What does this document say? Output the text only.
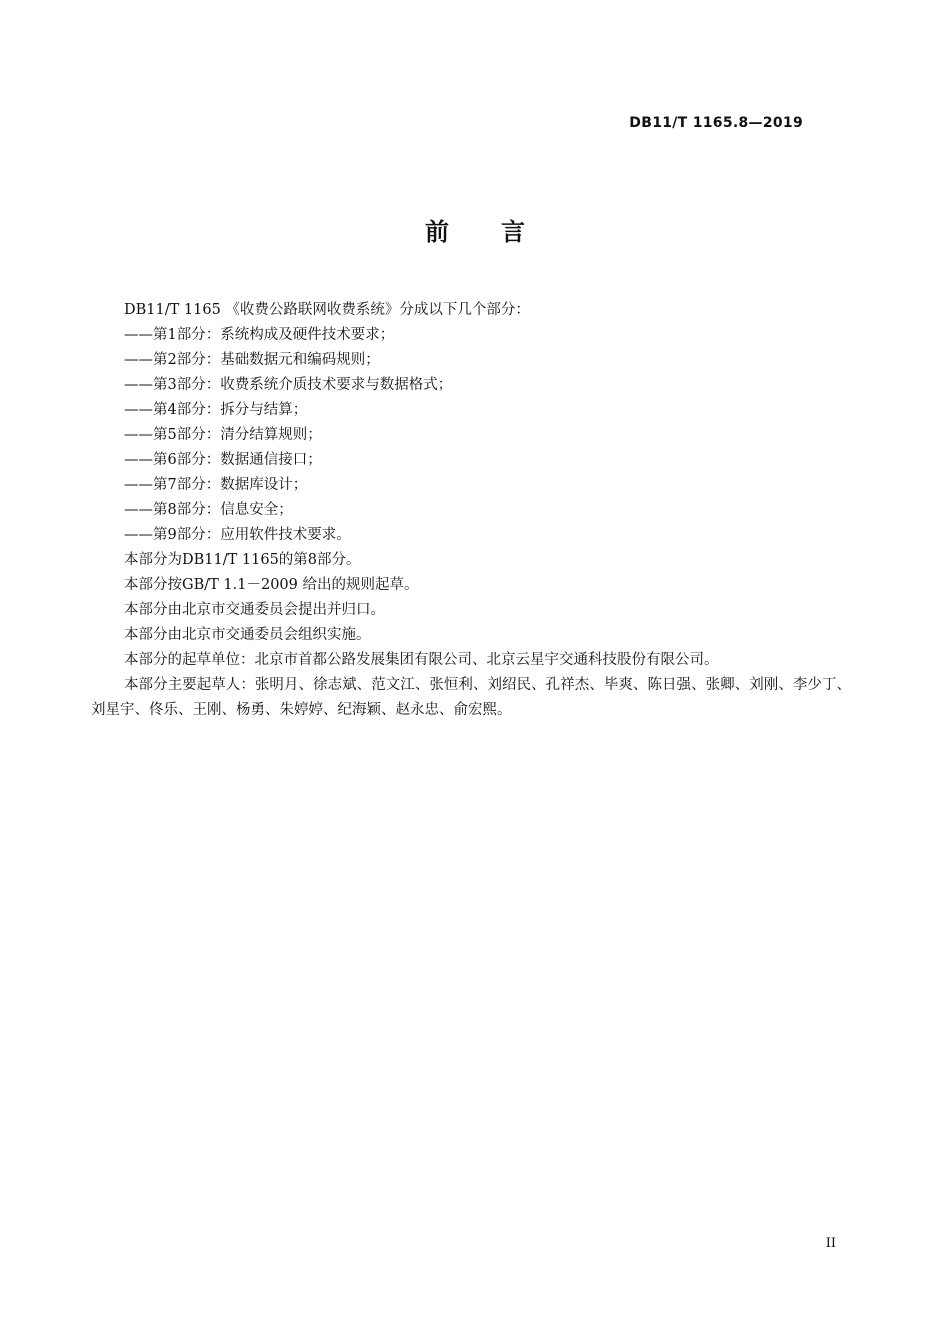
DB11/T 1165.8—2019
前言

DB11/T 1165 《收费公路联网收费系统》分成以下几个部分：

——第1部分：系统构成及硬件技术要求；

——第2部分：基础数据元和编码规则；

——第3部分：收费系统介质技术要求与数据格式；

——第4部分：拆分与结算；

——第5部分：清分结算规则；

——第6部分：数据通信接口；

——第7部分：数据库设计；

——第8部分：信息安全；

——第9部分：应用软件技术要求。

本部分为DB11/T 1165的第8部分。

本部分按GB/T 1.1－2009 给出的规则起草。

本部分由北京市交通委员会提出并归口。

本部分由北京市交通委员会组织实施。

本部分的起草单位：北京市首都公路发展集团有限公司、北京云星宇交通科技股份有限公司。

本部分主要起草人：张明月、徐志斌、范文江、张恒利、刘绍民、孔祥杰、毕爽、陈日强、张卿、刘刚、李少丁、刘星宇、佟乐、王刚、杨勇、朱婷婷、纪海颖、赵永忠、俞宏熙。

II
